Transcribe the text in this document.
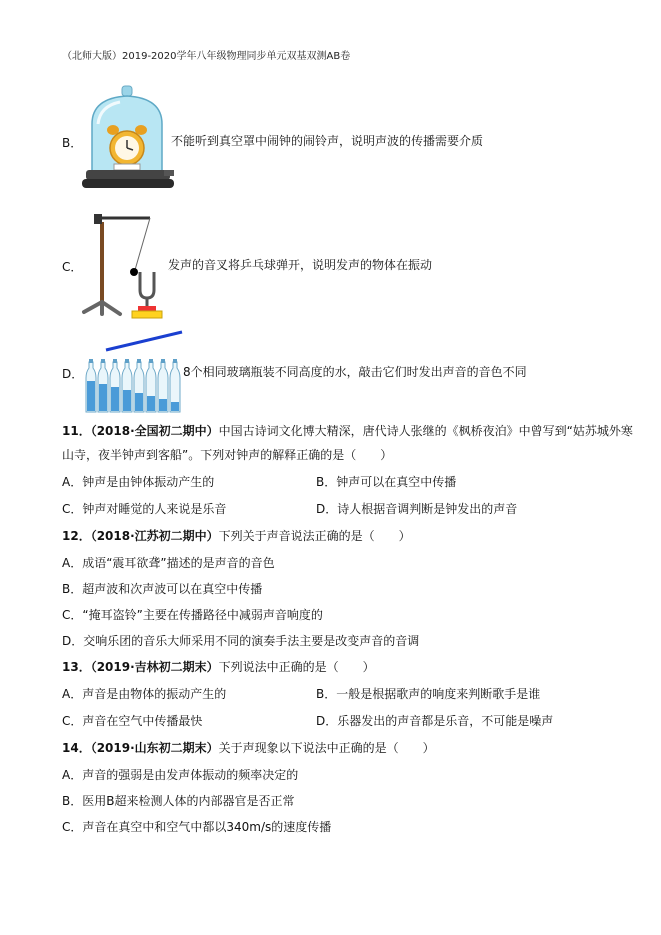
（北师大版）2019-2020学年八年级物理同步单元双基双测AB卷
B．	不能听到真空罩中闹钟的闹铃声，说明声波的传播需要介质
C．	发声的音叉将乒乓球弹开，说明发声的物体在振动
D．	8个相同玻璃瓶装不同高度的水，敲击它们时发出声音的音色不同
11．（2018·全国初二期中）中国古诗词文化博大精深，唐代诗人张继的《枫桥夜泊》中曾写到“姑苏城外寒
山寺，夜半钟声到客船”。下列对钟声的解释正确的是（　　）
A．钟声是由钟体振动产生的	B．钟声可以在真空中传播
C．钟声对睡觉的人来说是乐音	D．诗人根据音调判断是钟发出的声音
12．（2018·江苏初二期中）下列关于声音说法正确的是（　　）
A．成语“震耳欲聋”描述的是声音的音色
B．超声波和次声波可以在真空中传播
C．“掩耳盗铃”主要在传播路径中减弱声音响度的
D．交响乐团的音乐大师采用不同的演奏手法主要是改变声音的音调
13．（2019·吉林初二期末）下列说法中正确的是（　　）
A．声音是由物体的振动产生的	B．一般是根据歌声的响度来判断歌手是谁
C．声音在空气中传播最快	D．乐器发出的声音都是乐音，不可能是噪声
14．（2019·山东初二期末）关于声现象以下说法中正确的是（　　）
A．声音的强弱是由发声体振动的频率决定的
B．医用B超来检测人体的内部器官是否正常
C．声音在真空中和空气中都以340m/s的速度传播
